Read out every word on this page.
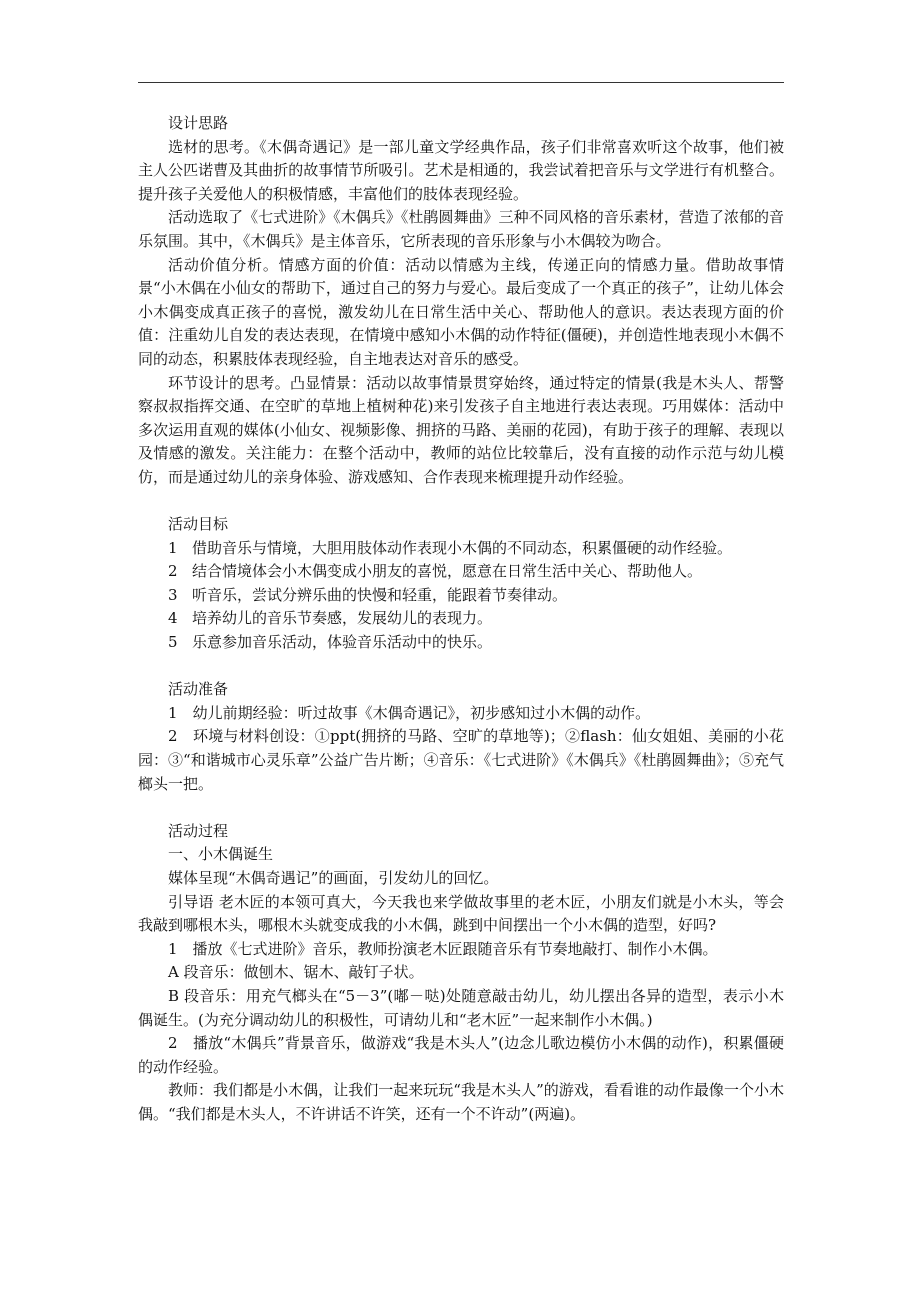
设计思路

选材的思考。《木偶奇遇记》是一部儿童文学经典作品，孩子们非常喜欢听这个故事，他们被主人公匹诺曹及其曲折的故事情节所吸引。艺术是相通的，我尝试着把音乐与文学进行有机整合。提升孩子关爱他人的积极情感，丰富他们的肢体表现经验。

活动选取了《七式进阶》《木偶兵》《杜鹃圆舞曲》三种不同风格的音乐素材，营造了浓郁的音乐氛围。其中，《木偶兵》是主体音乐，它所表现的音乐形象与小木偶较为吻合。

活动价值分析。情感方面的价值：活动以情感为主线，传递正向的情感力量。借助故事情景“小木偶在小仙女的帮助下，通过自己的努力与爱心。最后变成了一个真正的孩子”，让幼儿体会小木偶变成真正孩子的喜悦，激发幼儿在日常生活中关心、帮助他人的意识。表达表现方面的价值：注重幼儿自发的表达表现，在情境中感知小木偶的动作特征(僵硬)，并创造性地表现小木偶不同的动态，积累肢体表现经验，自主地表达对音乐的感受。

环节设计的思考。凸显情景：活动以故事情景贯穿始终，通过特定的情景(我是木头人、帮警察叔叔指挥交通、在空旷的草地上植树种花)来引发孩子自主地进行表达表现。巧用媒体：活动中多次运用直观的媒体(小仙女、视频影像、拥挤的马路、美丽的花园)，有助于孩子的理解、表现以及情感的激发。关注能力：在整个活动中，教师的站位比较靠后，没有直接的动作示范与幼儿模仿，而是通过幼儿的亲身体验、游戏感知、合作表现来梳理提升动作经验。

活动目标

1 借助音乐与情境，大胆用肢体动作表现小木偶的不同动态，积累僵硬的动作经验。

2 结合情境体会小木偶变成小朋友的喜悦，愿意在日常生活中关心、帮助他人。

3 听音乐，尝试分辨乐曲的快慢和轻重，能跟着节奏律动。

4 培养幼儿的音乐节奏感，发展幼儿的表现力。

5 乐意参加音乐活动，体验音乐活动中的快乐。

活动准备

1　 幼儿前期经验：听过故事《木偶奇遇记》，初步感知过小木偶的动作。

2　 环境与材料创设：①ppt(拥挤的马路、空旷的草地等)；②flash：仙女姐姐、美丽的小花园：③“和谐城市心灵乐章”公益广告片断；④音乐：《七式进阶》《木偶兵》《杜鹃圆舞曲》；⑤充气榔头一把。

活动过程

一、小木偶诞生

媒体呈现“木偶奇遇记”的画面，引发幼儿的回忆。

引导语 老木匠的本领可真大，今天我也来学做故事里的老木匠，小朋友们就是小木头，等会我敲到哪根木头，哪根木头就变成我的小木偶，跳到中间摆出一个小木偶的造型，好吗?

1　播放《七式进阶》音乐，教师扮演老木匠跟随音乐有节奏地敲打、制作小木偶。

A 段音乐：做刨木、锯木、敲钉子状。

B 段音乐：用充气榔头在“5－3”(嘟－哒)处随意敲击幼儿，幼儿摆出各异的造型，表示小木偶诞生。(为充分调动幼儿的积极性，可请幼儿和“老木匠”一起来制作小木偶。)

2　播放“木偶兵”背景音乐，做游戏“我是木头人”(边念儿歌边模仿小木偶的动作)，积累僵硬的动作经验。

教师：我们都是小木偶，让我们一起来玩玩“我是木头人”的游戏，看看谁的动作最像一个小木偶。“我们都是木头人，不许讲话不许笑，还有一个不许动”(两遍)。
